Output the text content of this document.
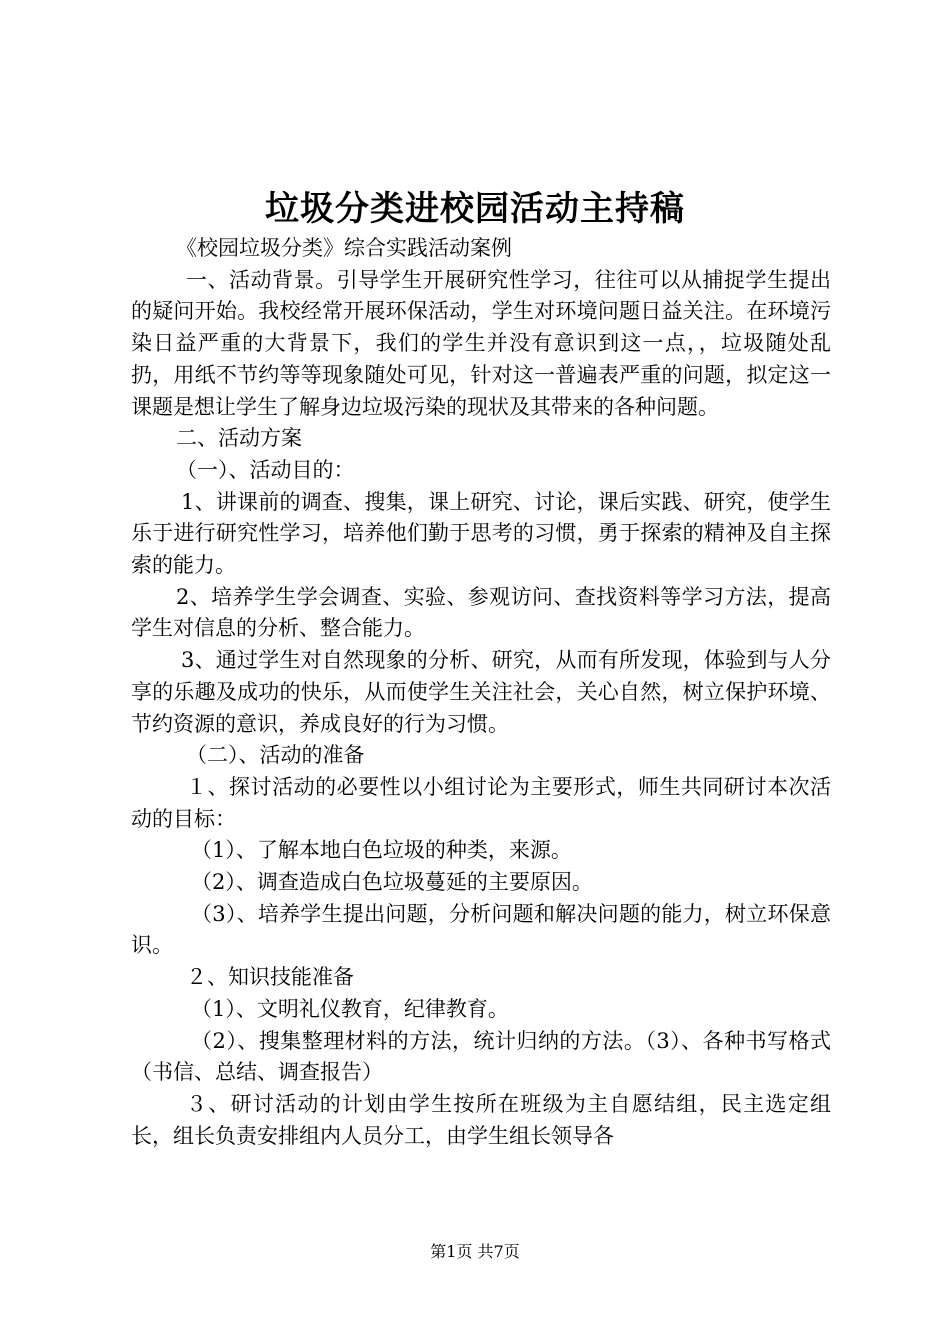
垃圾分类进校园活动主持稿

《校园垃圾分类》综合实践活动案例

一、活动背景。引导学生开展研究性学习，往往可以从捕捉学生提出的疑问开始。我校经常开展环保活动，学生对环境问题日益关注。在环境污染日益严重的大背景下，我们的学生并没有意识到这一点，，垃圾随处乱扔，用纸不节约等等现象随处可见，针对这一普遍表严重的问题，拟定这一课题是想让学生了解身边垃圾污染的现状及其带来的各种问题。

二、活动方案

（一）、活动目的：

1、讲课前的调查、搜集，课上研究、讨论，课后实践、研究，使学生乐于进行研究性学习，培养他们勤于思考的习惯，勇于探索的精神及自主探索的能力。

2、培养学生学会调查、实验、参观访问、查找资料等学习方法，提高学生对信息的分析、整合能力。

3、通过学生对自然现象的分析、研究，从而有所发现，体验到与人分享的乐趣及成功的快乐，从而使学生关注社会，关心自然，树立保护环境、节约资源的意识，养成良好的行为习惯。

（二）、活动的准备

１、探讨活动的必要性以小组讨论为主要形式，师生共同研讨本次活动的目标：

（1）、了解本地白色垃圾的种类，来源。

（2）、调查造成白色垃圾蔓延的主要原因。

（3）、培养学生提出问题，分析问题和解决问题的能力，树立环保意识。

２、知识技能准备

（1）、文明礼仪教育，纪律教育。

（2）、搜集整理材料的方法，统计归纳的方法。（3）、各种书写格式（书信、总结、调查报告）

３、研讨活动的计划由学生按所在班级为主自愿结组，民主选定组长，组长负责安排组内人员分工，由学生组长领导各

第1页 共7页
